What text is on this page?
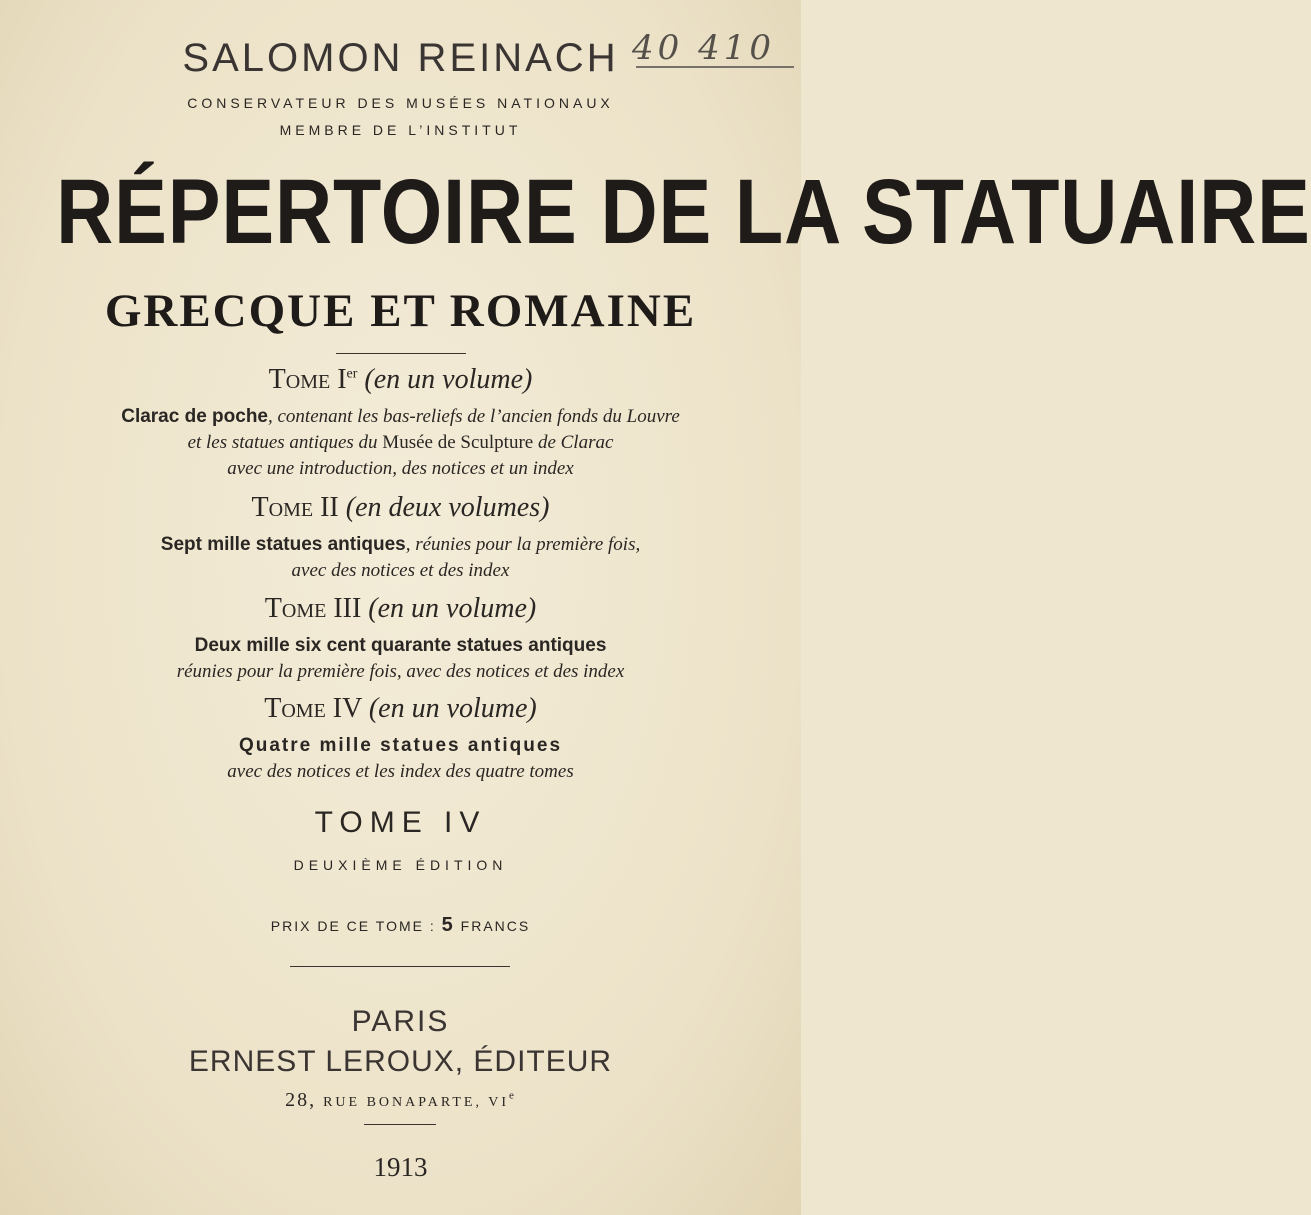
SALOMON REINACH 40 410
CONSERVATEUR DES MUSÉES NATIONAUX
MEMBRE DE L’INSTITUT
RÉPERTOIRE DE LA STATUAIRE
GRECQUE ET ROMAINE
Tome Ier (en un volume)
Clarac de poche, contenant les bas-reliefs de l’ancien fonds du Louvre
et les statues antiques du Musée de Sculpture de Clarac
avec une introduction, des notices et un index
Tome II (en deux volumes)
Sept mille statues antiques, réunies pour la première fois,
avec des notices et des index
Tome III (en un volume)
Deux mille six cent quarante statues antiques
réunies pour la première fois, avec des notices et des index
Tome IV (en un volume)
Quatre mille statues antiques
avec des notices et les index des quatre tomes
TOME IV
DEUXIÈME ÉDITION
PRIX DE CE TOME : 5 FRANCS
PARIS
ERNEST LEROUX, ÉDITEUR
28, RUE BONAPARTE, VIe
1913
